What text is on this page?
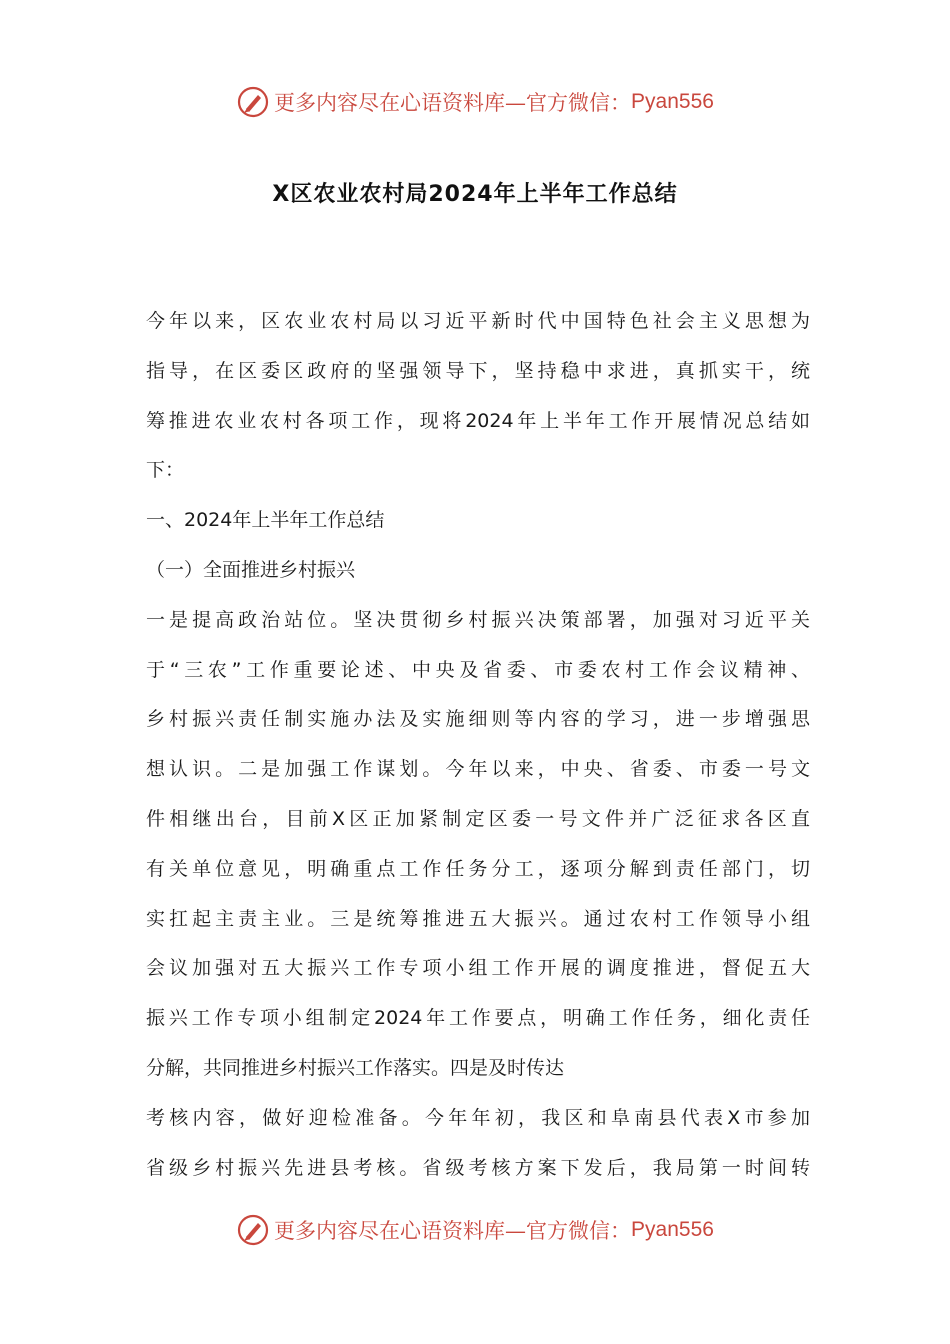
更多内容尽在心语资料库—官方微信： Pyan556
X区农业农村局2024年上半年工作总结
今年以来，区农业农村局以习近平新时代中国特色社会主义思想为
指导，在区委区政府的坚强领导下，坚持稳中求进，真抓实干，统
筹推进农业农村各项工作，现将2024年上半年工作开展情况总结如
下：
一、2024年上半年工作总结
（一）全面推进乡村振兴
一是提高政治站位。坚决贯彻乡村振兴决策部署，加强对习近平关
于“三农”工作重要论述、中央及省委、市委农村工作会议精神、
乡村振兴责任制实施办法及实施细则等内容的学习，进一步增强思
想认识。二是加强工作谋划。今年以来，中央、省委、市委一号文
件相继出台，目前X区正加紧制定区委一号文件并广泛征求各区直
有关单位意见，明确重点工作任务分工，逐项分解到责任部门，切
实扛起主责主业。三是统筹推进五大振兴。通过农村工作领导小组
会议加强对五大振兴工作专项小组工作开展的调度推进，督促五大
振兴工作专项小组制定2024年工作要点，明确工作任务，细化责任
分解，共同推进乡村振兴工作落实。四是及时传达
考核内容，做好迎检准备。今年年初，我区和阜南县代表X市参加
省级乡村振兴先进县考核。省级考核方案下发后，我局第一时间转
更多内容尽在心语资料库—官方微信： Pyan556
